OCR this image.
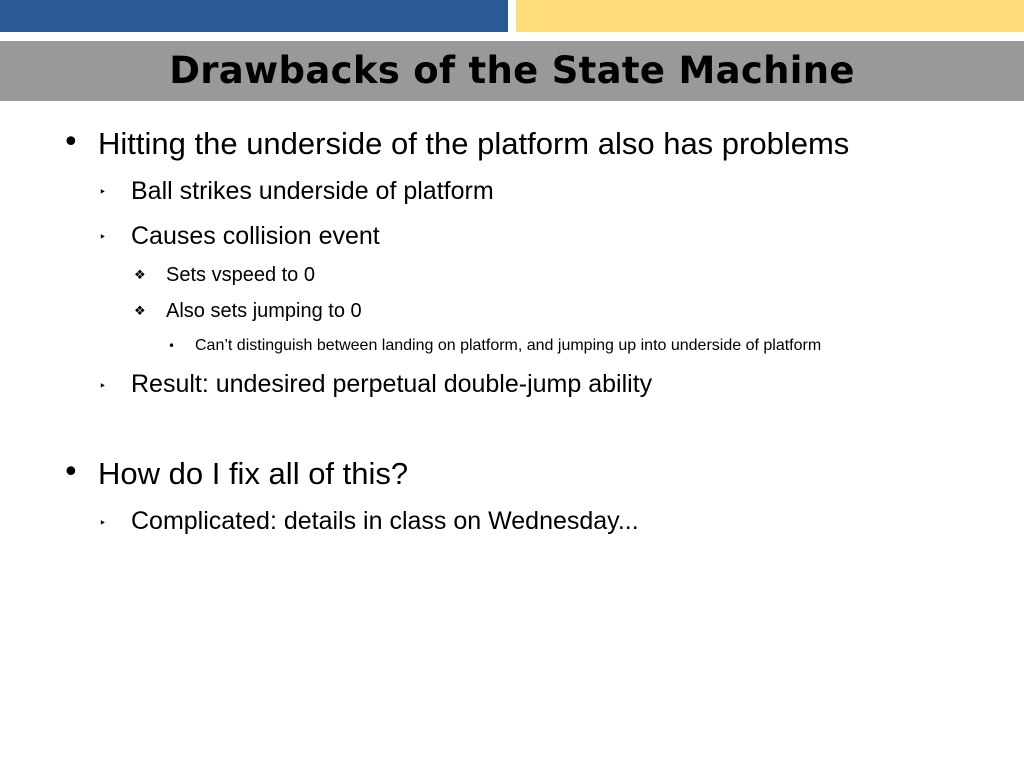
Drawbacks of the State Machine
• Hitting the underside of the platform also has problems
‣ Ball strikes underside of platform
‣ Causes collision event
❖ Sets vspeed to 0
❖ Also sets jumping to 0
• Can’t distinguish between landing on platform, and jumping up into underside of platform
‣ Result: undesired perpetual double-jump ability
• How do I fix all of this?
‣ Complicated: details in class on Wednesday...
